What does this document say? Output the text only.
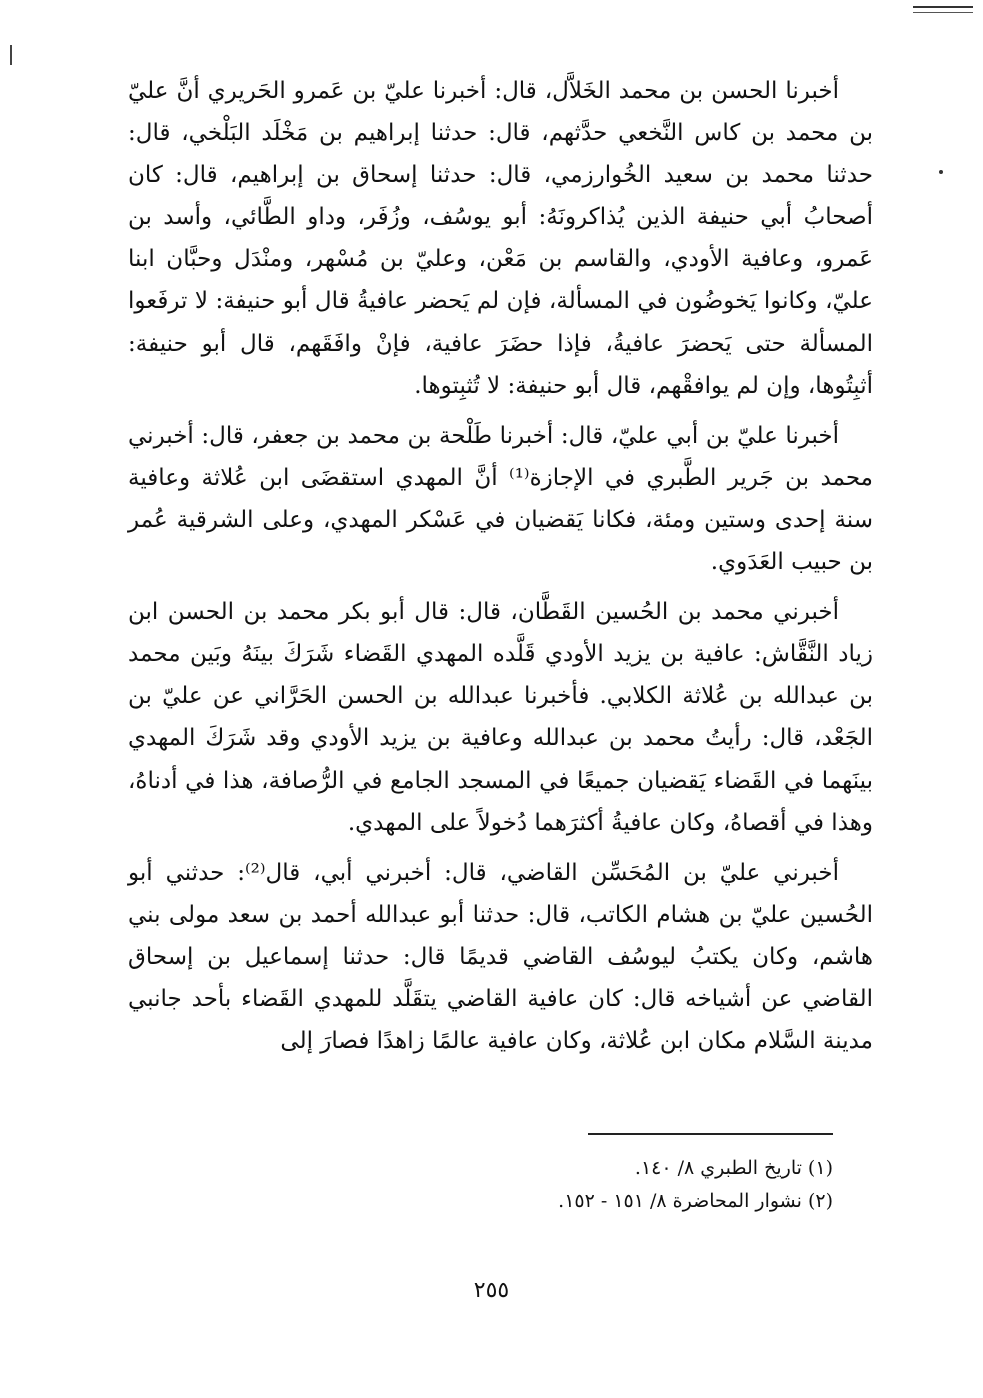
أخبرنا الحسن بن محمد الخَلاَّل، قال: أخبرنا عليّ بن عَمرو الحَريري أنَّ عليّ بن محمد بن كاس النَّخعي حدَّثهم، قال: حدثنا إبراهيم بن مَخْلَد البَلْخي، قال: حدثنا محمد بن سعيد الخُوارزمي، قال: حدثنا إسحاق بن إبراهيم، قال: كان أصحابُ أبي حنيفة الذين يُذاكرونَهُ: أبو يوسُف، وزُفَر، وداو الطَّائي، وأسد بن عَمرو، وعافية الأودي، والقاسم بن مَعْن، وعليّ بن مُسْهر، ومنْدَل وحبَّان ابنا عليّ، وكانوا يَخوضُون في المسألة، فإن لم يَحضر عافيةُ قال أبو حنيفة: لا ترفَعوا المسألة حتى يَحضرَ عافيةُ، فإذا حضَرَ عافية، فإنْ وافَقَهم، قال أبو حنيفة: أثبِتُوها، وإن لم يوافقْهم، قال أبو حنيفة: لا تُثبِتوها.

أخبرنا عليّ بن أبي عليّ، قال: أخبرنا طَلْحة بن محمد بن جعفر، قال: أخبرني محمد بن جَرير الطَّبري في الإجازة⁽¹⁾ أنَّ المهدي استقضَى ابن عُلاثة وعافية سنة إحدى وستين ومئة، فكانا يَقضيان في عَسْكر المهدي، وعلى الشرقية عُمر بن حبيب العَدَوي.

أخبرني محمد بن الحُسين القَطَّان، قال: قال أبو بكر محمد بن الحسن ابن زياد النَّقَّاش: عافية بن يزيد الأودي قَلَّده المهدي القَضاء شَرَكَ بينَهُ وبَين محمد بن عبدالله بن عُلاثة الكلابي. فأخبرنا عبدالله بن الحسن الحَرَّاني عن عليّ بن الجَعْد، قال: رأيتُ محمد بن عبدالله وعافية بن يزيد الأودي وقد شَرَكَ المهدي بينَهما في القَضاء يَقضيان جميعًا في المسجد الجامع في الرُّصافة، هذا في أدناهُ، وهذا في أقصاهُ، وكان عافيةُ أكثرَهما دُخولاً على المهدي.

أخبرني عليّ بن المُحَسِّن القاضي، قال: أخبرني أبي، قال⁽²⁾: حدثني أبو الحُسين عليّ بن هشام الكاتب، قال: حدثنا أبو عبدالله أحمد بن سعد مولى بني هاشم، وكان يكتبُ ليوسُف القاضي قديمًا قال: حدثنا إسماعيل بن إسحاق القاضي عن أشياخه قال: كان عافية القاضي يتقَلَّد للمهدي القَضاء بأحد جانبي مدينة السَّلام مكان ابن عُلاثة، وكان عافية عالمًا زاهدًا فصارَ إلى

(١) تاريخ الطبري ٨/ ١٤٠.

(٢) نشوار المحاضرة ٨/ ١٥١ - ١٥٢.

٢٥٥
